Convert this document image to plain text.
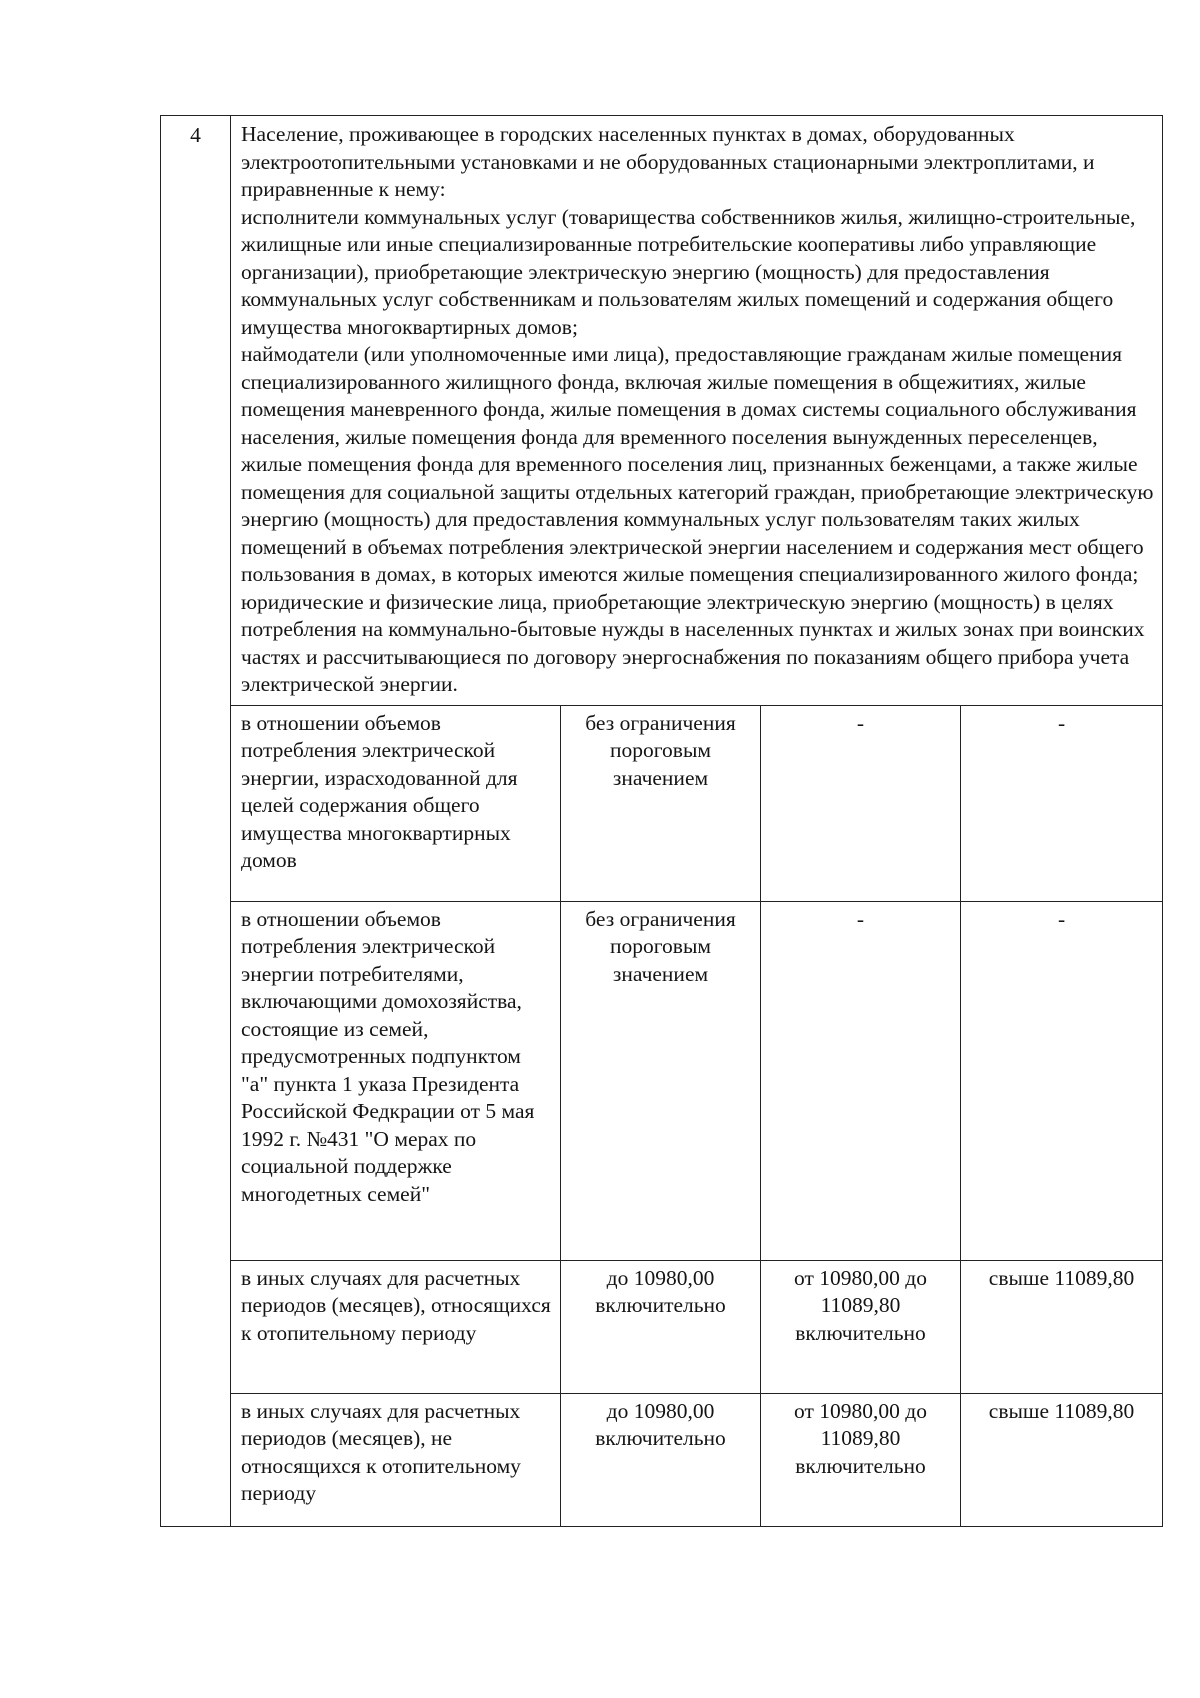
4	Население, проживающее в городских населенных пунктах в домах, оборудованных электроотопительными установками и не оборудованных стационарными электроплитами, и приравненные к нему:

исполнители коммунальных услуг (товарищества собственников жилья, жилищно-строительные, жилищные или иные специализированные потребительские кооперативы либо управляющие организации), приобретающие электрическую энергию (мощность) для предоставления коммунальных услуг собственникам и пользователям жилых помещений и содержания общего имущества многоквартирных домов;

наймодатели (или уполномоченные ими лица), предоставляющие гражданам жилые помещения специализированного жилищного фонда, включая жилые помещения в общежитиях, жилые помещения маневренного фонда, жилые помещения в домах системы социального обслуживания населения, жилые помещения фонда для временного поселения вынужденных переселенцев, жилые помещения фонда для временного поселения лиц, признанных беженцами, а также жилые помещения для социальной защиты отдельных категорий граждан, приобретающие электрическую энергию (мощность) для предоставления коммунальных услуг пользователям таких жилых помещений в объемах потребления электрической энергии населением и содержания мест общего пользования в домах, в которых имеются жилые помещения специализированного жилого фонда;

юридические и физические лица, приобретающие электрическую энергию (мощность) в целях потребления на коммунально-бытовые нужды в населенных пунктах и жилых зонах при воинских частях и рассчитывающиеся по договору энергоснабжения по показаниям общего прибора учета электрической энергии.			

	в отношении объемов потребления электрической энергии, израсходованной для целей содержания общего имущества многоквартирных домов	без ограничения пороговым значением	-	-
	в отношении объемов потребления электрической энергии потребителями, включающими домохозяйства, состоящие из семей, предусмотренных подпунктом "а" пункта 1 указа Президента Российской Федкрации от 5 мая 1992 г. №431 "О мерах по социальной поддержке многодетных семей"	без ограничения пороговым значением	-	-
	в иных случаях для расчетных периодов (месяцев), относящихся к отопительному периоду	до 10980,00 включительно	от 10980,00 до 11089,80 включительно	свыше 11089,80
	в иных случаях для расчетных периодов (месяцев), не относящихся к отопительному периоду	до 10980,00 включительно	от 10980,00 до 11089,80 включительно	свыше 11089,80
